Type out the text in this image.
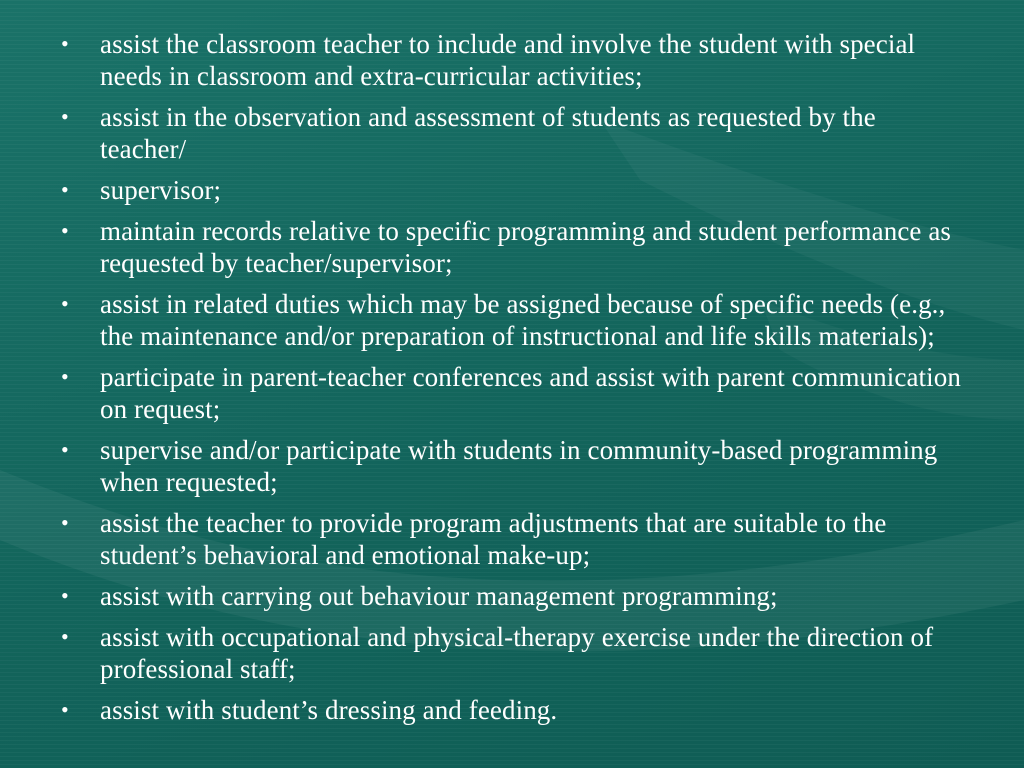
• assist the classroom teacher to include and involve the student with special needs in classroom and extra-curricular activities;
• assist in the observation and assessment of students as requested by the teacher/
• supervisor;
• maintain records relative to specific programming and student performance as requested by teacher/supervisor;
• assist in related duties which may be assigned because of specific needs (e.g., the maintenance and/or preparation of instructional and life skills materials);
• participate in parent-teacher conferences and assist with parent communication on request;
• supervise and/or participate with students in community-based programming when requested;
• assist the teacher to provide program adjustments that are suitable to the student’s behavioral and emotional make-up;
• assist with carrying out behaviour management programming;
• assist with occupational and physical-therapy exercise under the direction of professional staff;
• assist with student’s dressing and feeding.
